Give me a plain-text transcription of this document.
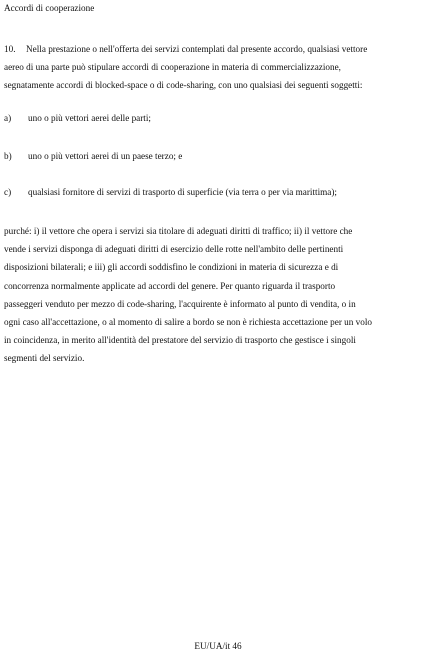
Accordi di cooperazione
10. Nella prestazione o nell'offerta dei servizi contemplati dal presente accordo, qualsiasi vettore
aereo di una parte può stipulare accordi di cooperazione in materia di commercializzazione,
segnatamente accordi di blocked-space o di code-sharing, con uno qualsiasi dei seguenti soggetti:
a) uno o più vettori aerei delle parti;
b) uno o più vettori aerei di un paese terzo; e
c) qualsiasi fornitore di servizi di trasporto di superficie (via terra o per via marittima);
purché: i) il vettore che opera i servizi sia titolare di adeguati diritti di traffico; ii) il vettore che
vende i servizi disponga di adeguati diritti di esercizio delle rotte nell'ambito delle pertinenti
disposizioni bilaterali; e iii) gli accordi soddisfino le condizioni in materia di sicurezza e di
concorrenza normalmente applicate ad accordi del genere. Per quanto riguarda il trasporto
passeggeri venduto per mezzo di code-sharing, l'acquirente è informato al punto di vendita, o in
ogni caso all'accettazione, o al momento di salire a bordo se non è richiesta accettazione per un volo
in coincidenza, in merito all'identità del prestatore del servizio di trasporto che gestisce i singoli
segmenti del servizio.
EU/UA/it 46
